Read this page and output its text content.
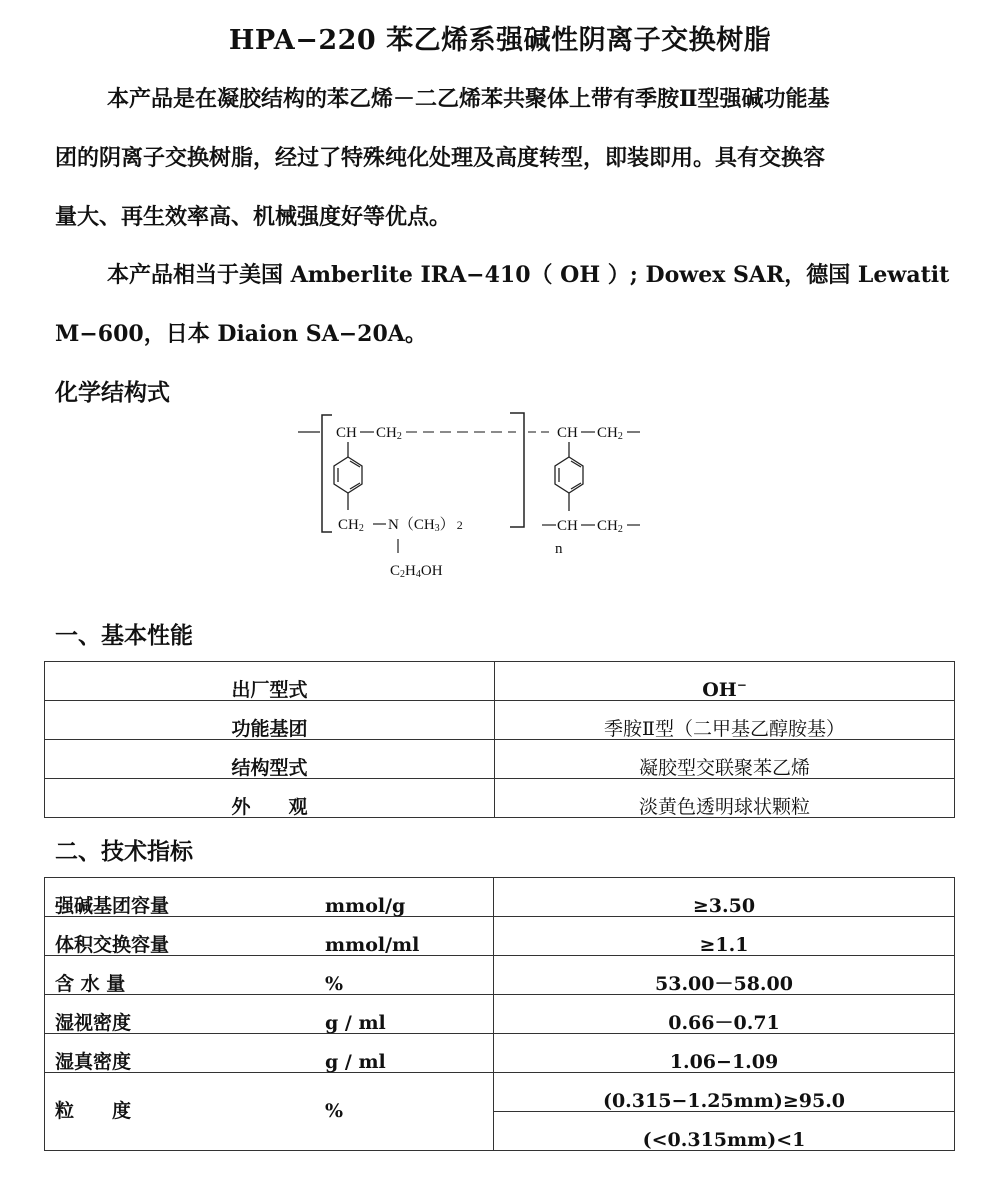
HPA−220 苯乙烯系强碱性阴离子交换树脂
本产品是在凝胶结构的苯乙烯－二乙烯苯共聚体上带有季胺Ⅱ型强碱功能基
团的阴离子交换树脂，经过了特殊纯化处理及高度转型，即装即用。具有交换容
量大、再生效率高、机械强度好等优点。
本产品相当于美国 Amberlite IRA−410（ OH ）; Dowex SAR，德国 Lewatit
M−600，日本 Diaion SA−20A。
化学结构式
CH CH2
CH2 N（CH3） 2
C2H4OH
CH CH2
CH CH2
n
一、基本性能
出厂型式	OH−
功能基团	季胺Ⅱ型（二甲基乙醇胺基）
结构型式	凝胶型交联聚苯乙烯
外　　观	淡黄色透明球状颗粒
二、技术指标
强碱基团容量	mmol/g	≥3.50
体积交换容量	mmol/ml	≥1.1
含 水 量	%	53.00－58.00
湿视密度	g / ml	0.66－0.71
湿真密度	g / ml	1.06−1.09
粒　　度	%	(0.315−1.25mm)≥95.0
		(<0.315mm)<1
